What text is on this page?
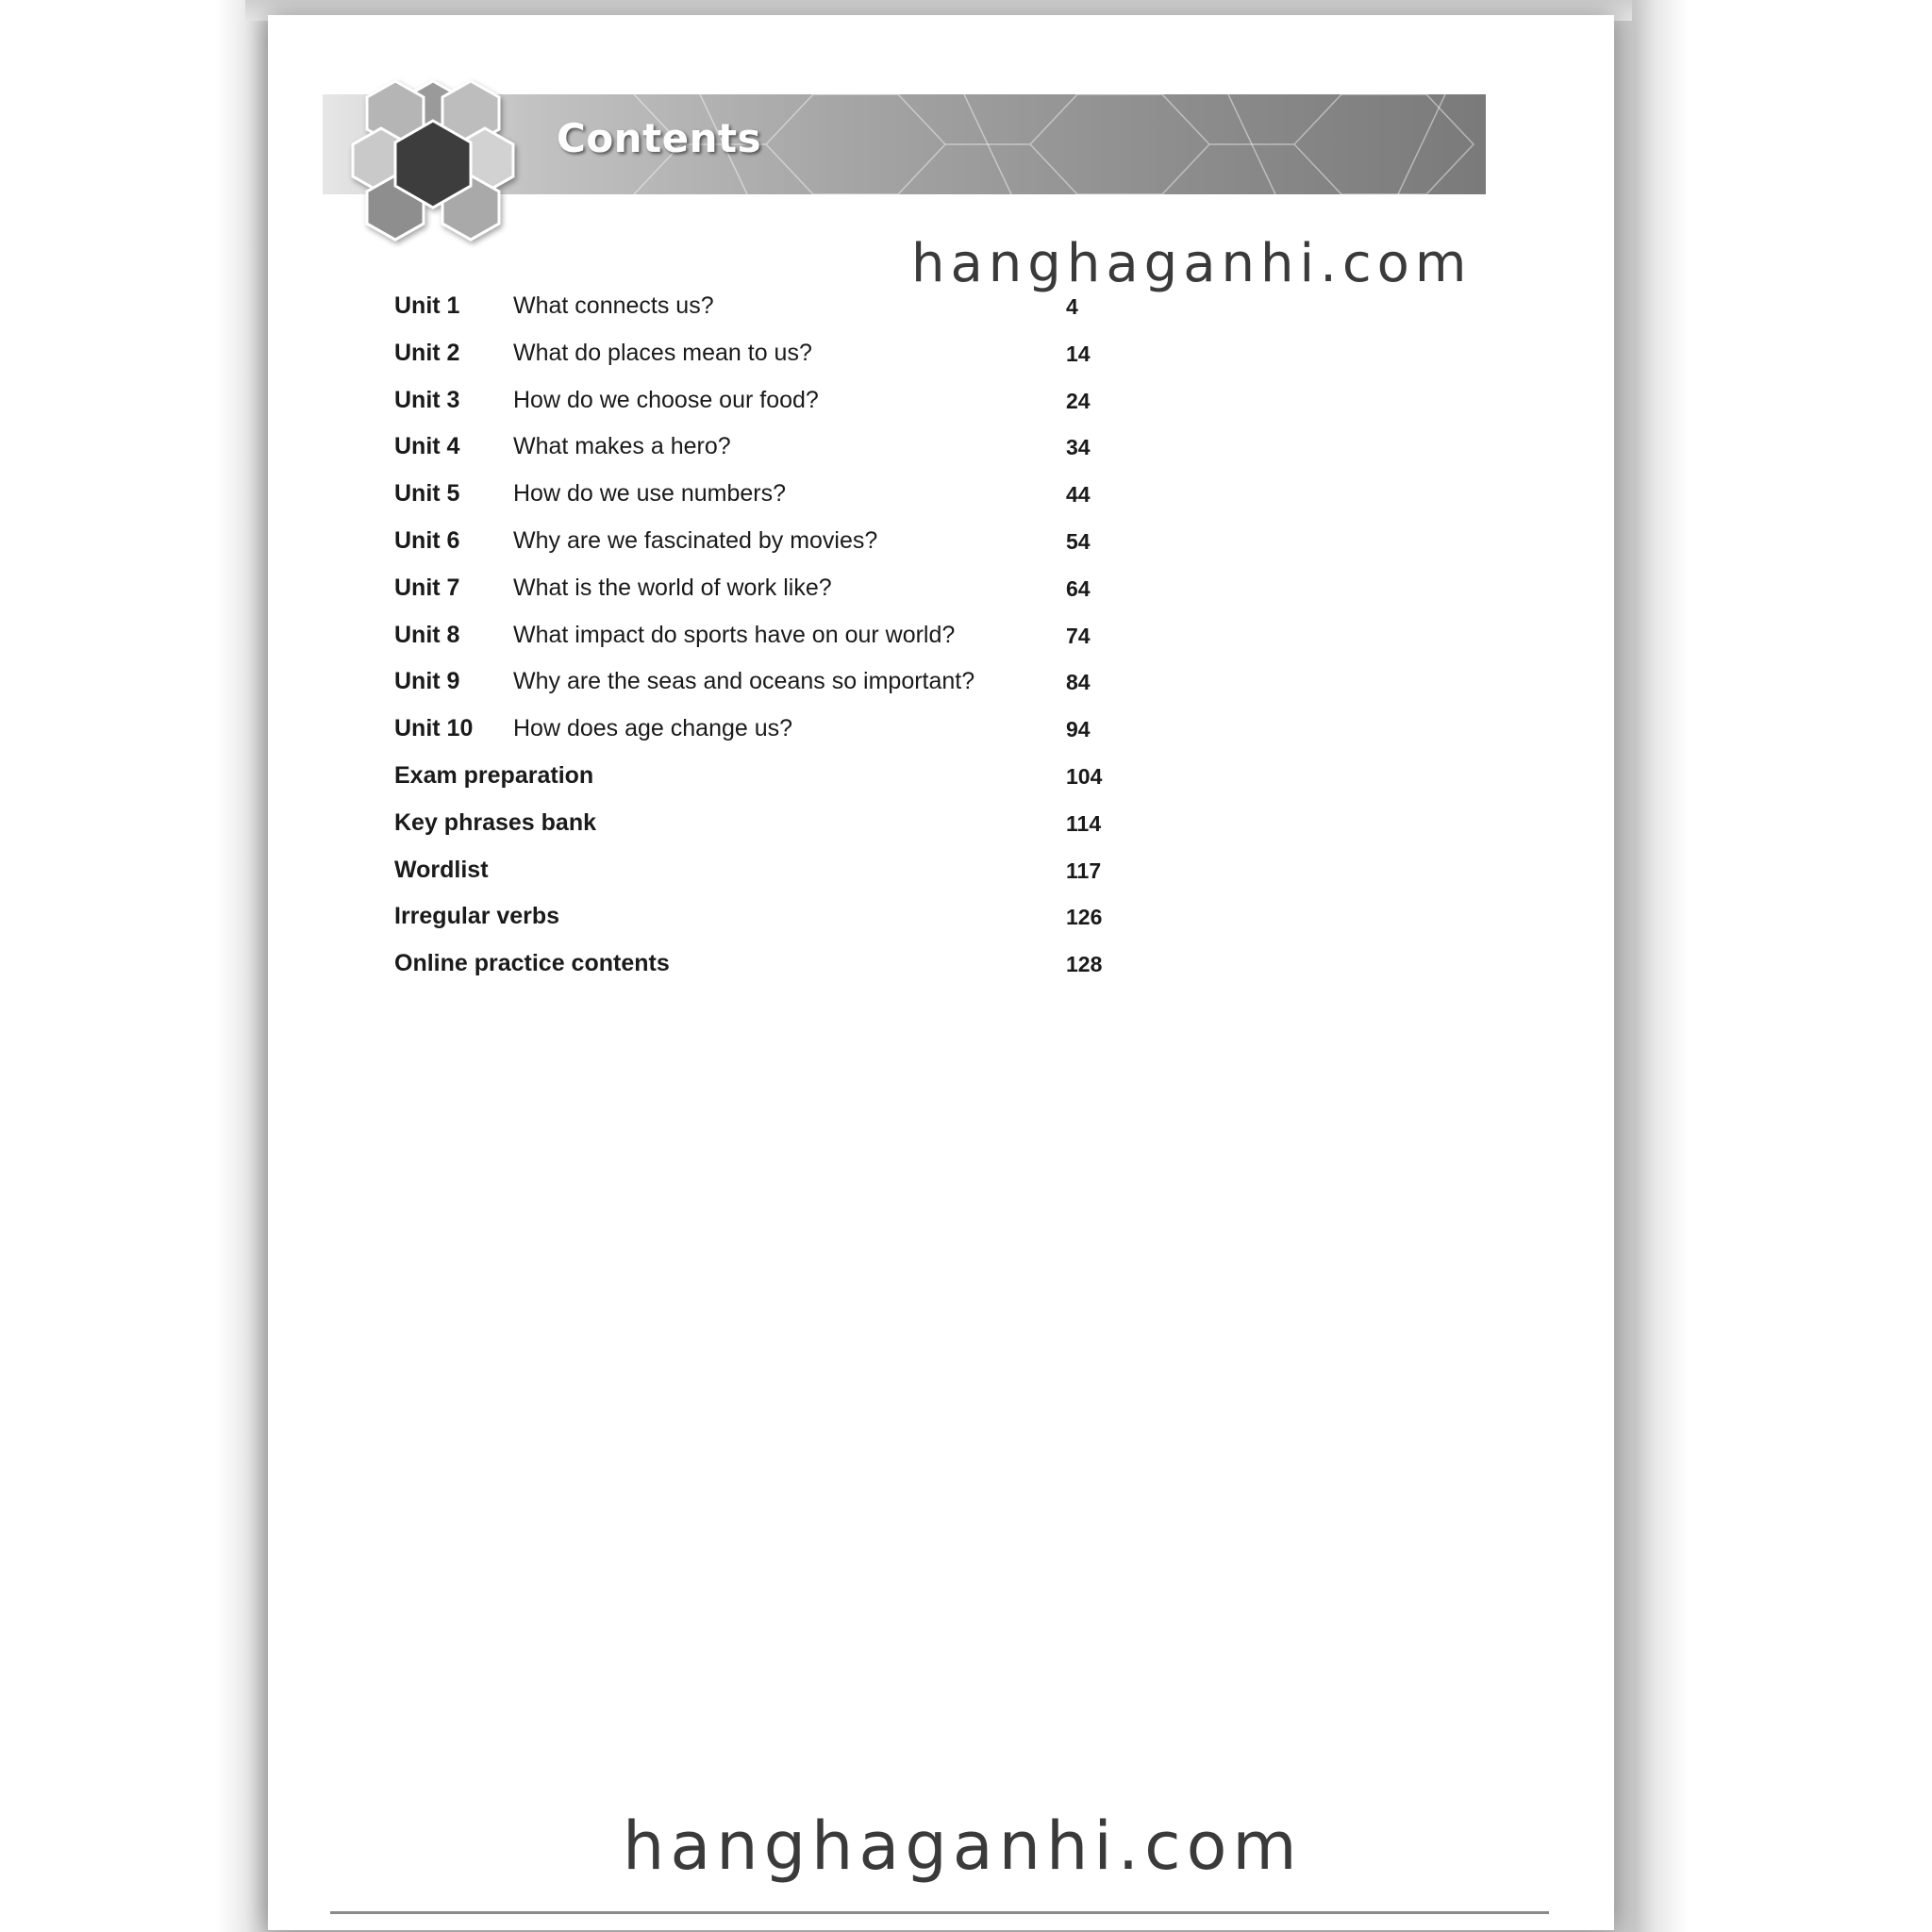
Contents
Unit 1 What connects us?	4
Unit 2 What do places mean to us?	14
Unit 3 How do we choose our food?	24
Unit 4 What makes a hero?	34
Unit 5 How do we use numbers?	44
Unit 6 Why are we fascinated by movies?	54
Unit 7 What is the world of work like?	64
Unit 8 What impact do sports have on our world?	74
Unit 9 Why are the seas and oceans so important?	84
Unit 10 How does age change us?	94
Exam preparation	104
Key phrases bank	114
Wordlist	117
Irregular verbs	126
Online practice contents	128
hanghaganhi.com
hanghaganhi.com
